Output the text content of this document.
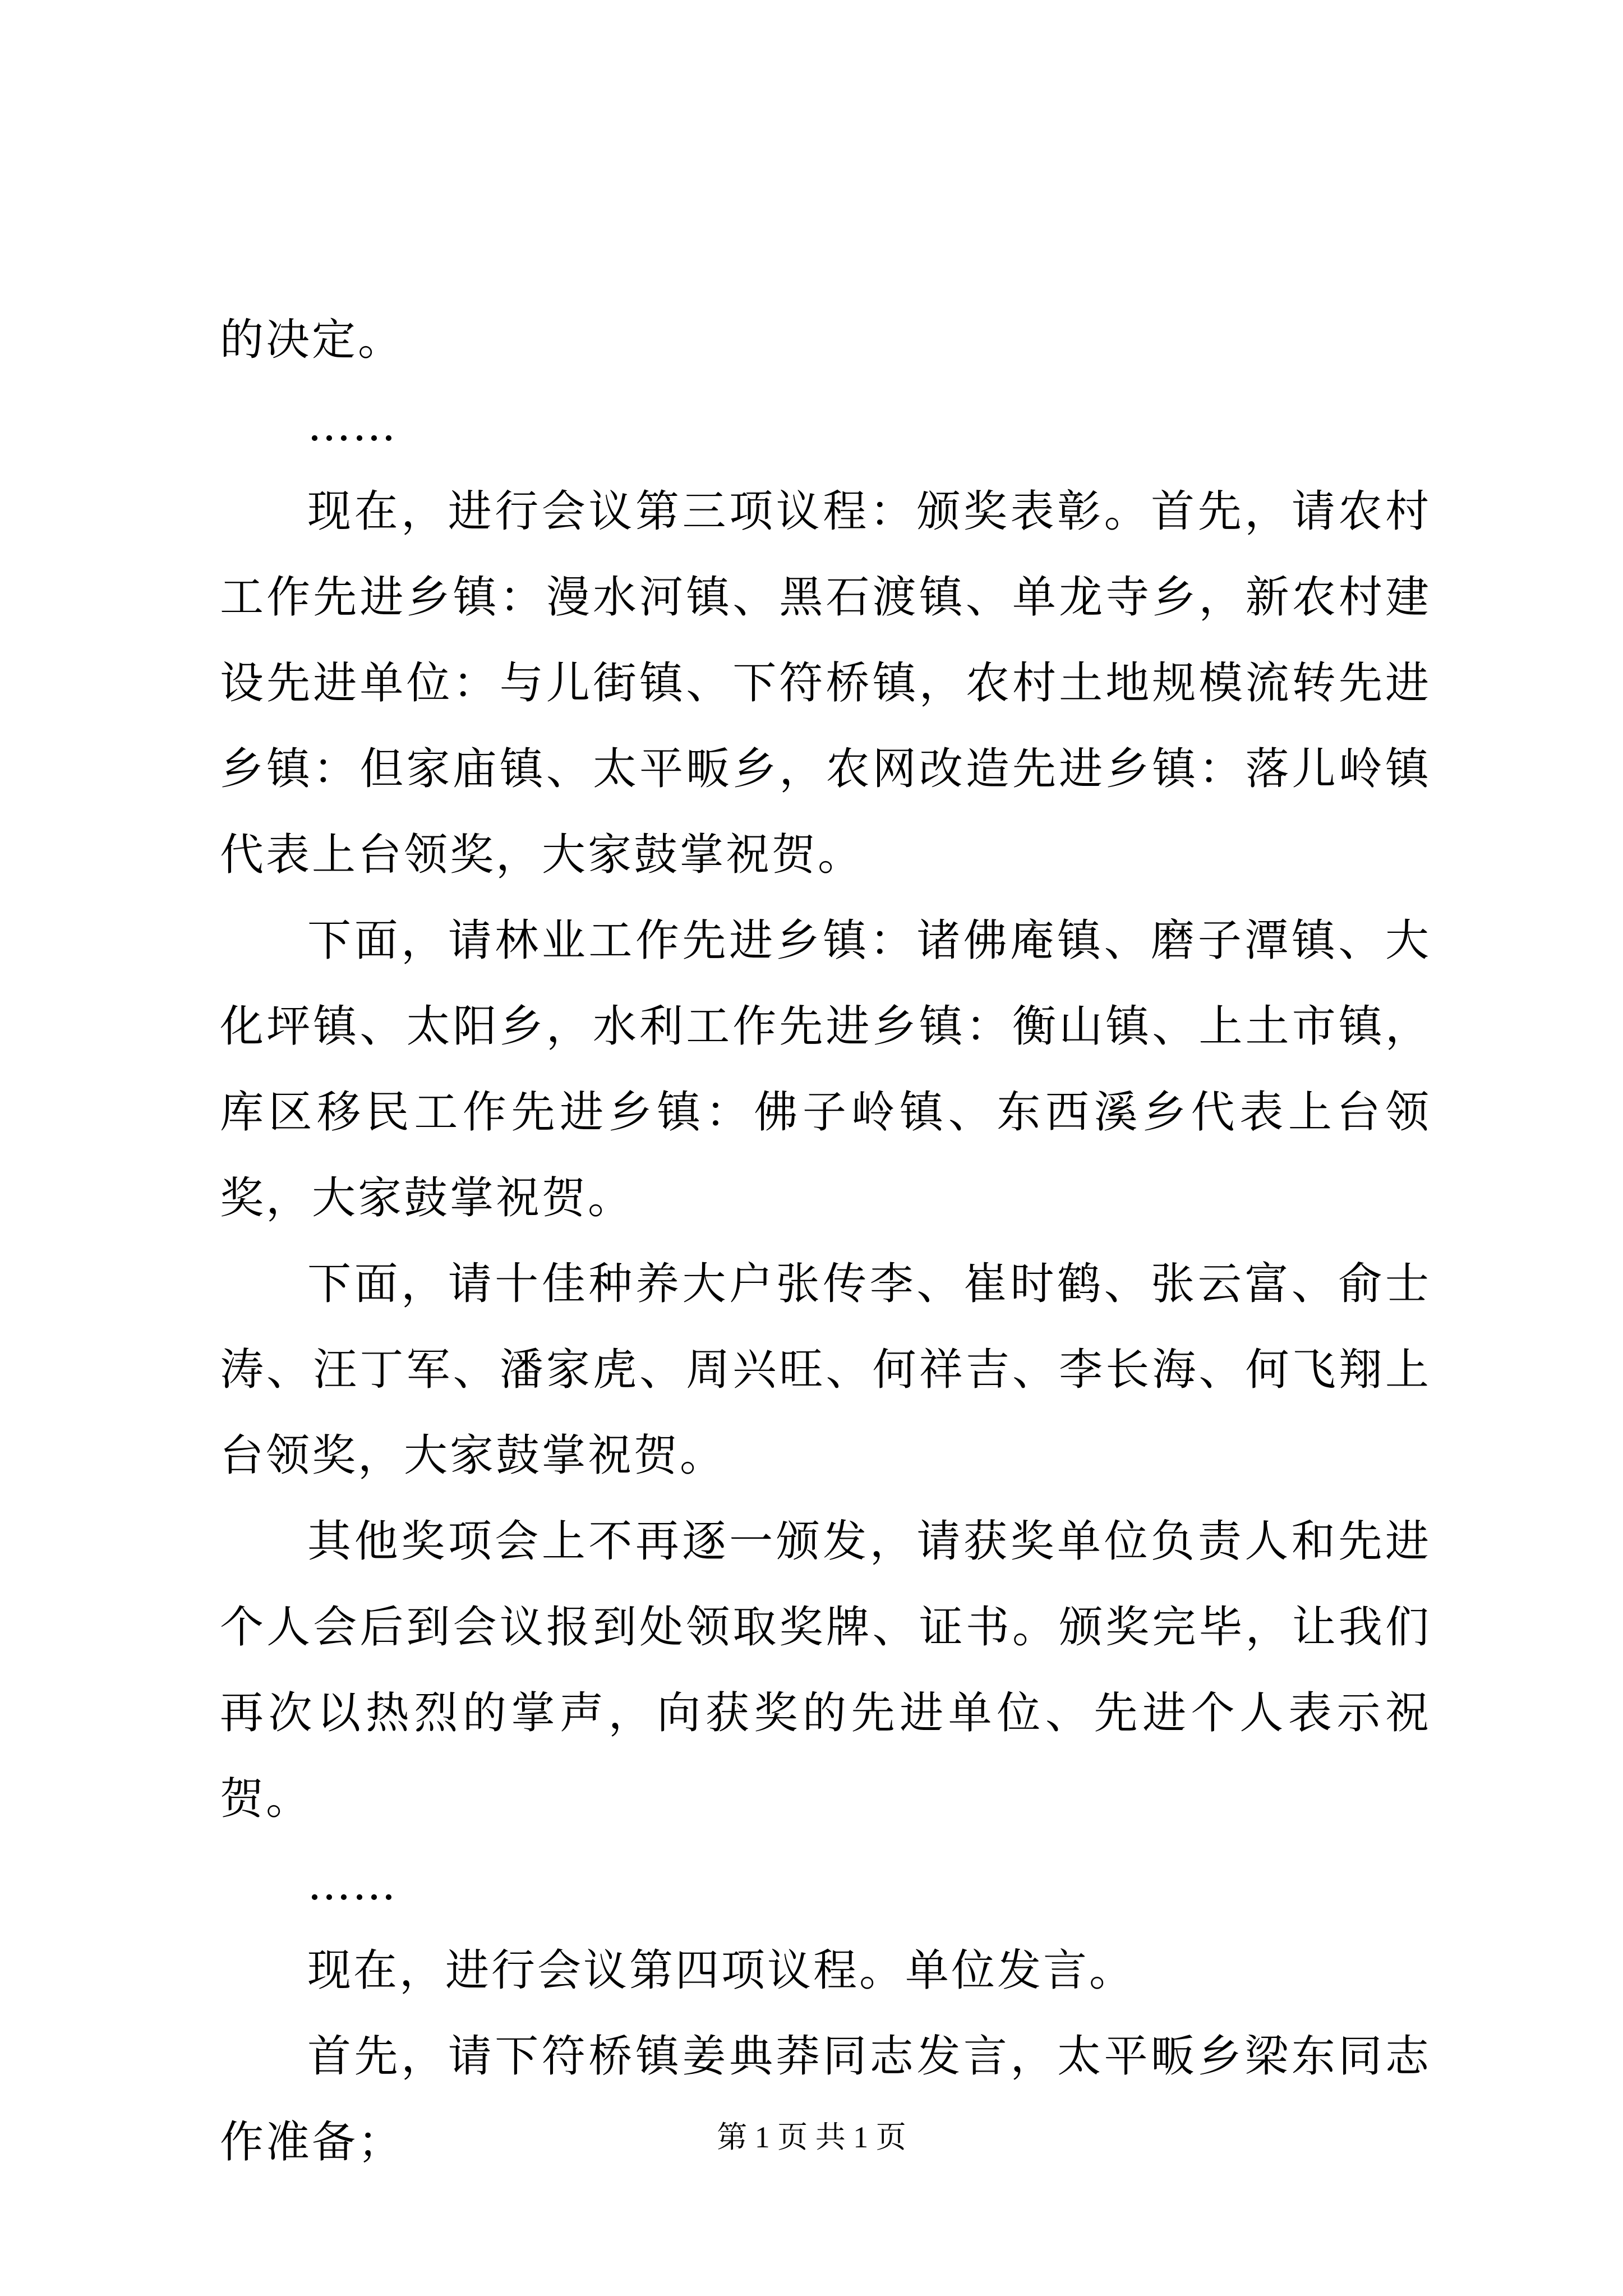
的决定。

……

现在，进行会议第三项议程：颁奖表彰。首先，请农村工作先进乡镇：漫水河镇、黑石渡镇、单龙寺乡，新农村建设先进单位：与儿街镇、下符桥镇，农村土地规模流转先进乡镇：但家庙镇、太平畈乡，农网改造先进乡镇：落儿岭镇代表上台领奖，大家鼓掌祝贺。

下面，请林业工作先进乡镇：诸佛庵镇、磨子潭镇、大化坪镇、太阳乡，水利工作先进乡镇：衡山镇、上土市镇，库区移民工作先进乡镇：佛子岭镇、东西溪乡代表上台领奖，大家鼓掌祝贺。

下面，请十佳种养大户张传李、崔时鹤、张云富、俞士涛、汪丁军、潘家虎、周兴旺、何祥吉、李长海、何飞翔上台领奖，大家鼓掌祝贺。

其他奖项会上不再逐一颁发，请获奖单位负责人和先进个人会后到会议报到处领取奖牌、证书。颁奖完毕，让我们再次以热烈的掌声，向获奖的先进单位、先进个人表示祝贺。

……

现在，进行会议第四项议程。单位发言。

首先，请下符桥镇姜典莽同志发言，太平畈乡梁东同志作准备；	第 1 页 共 1 页
